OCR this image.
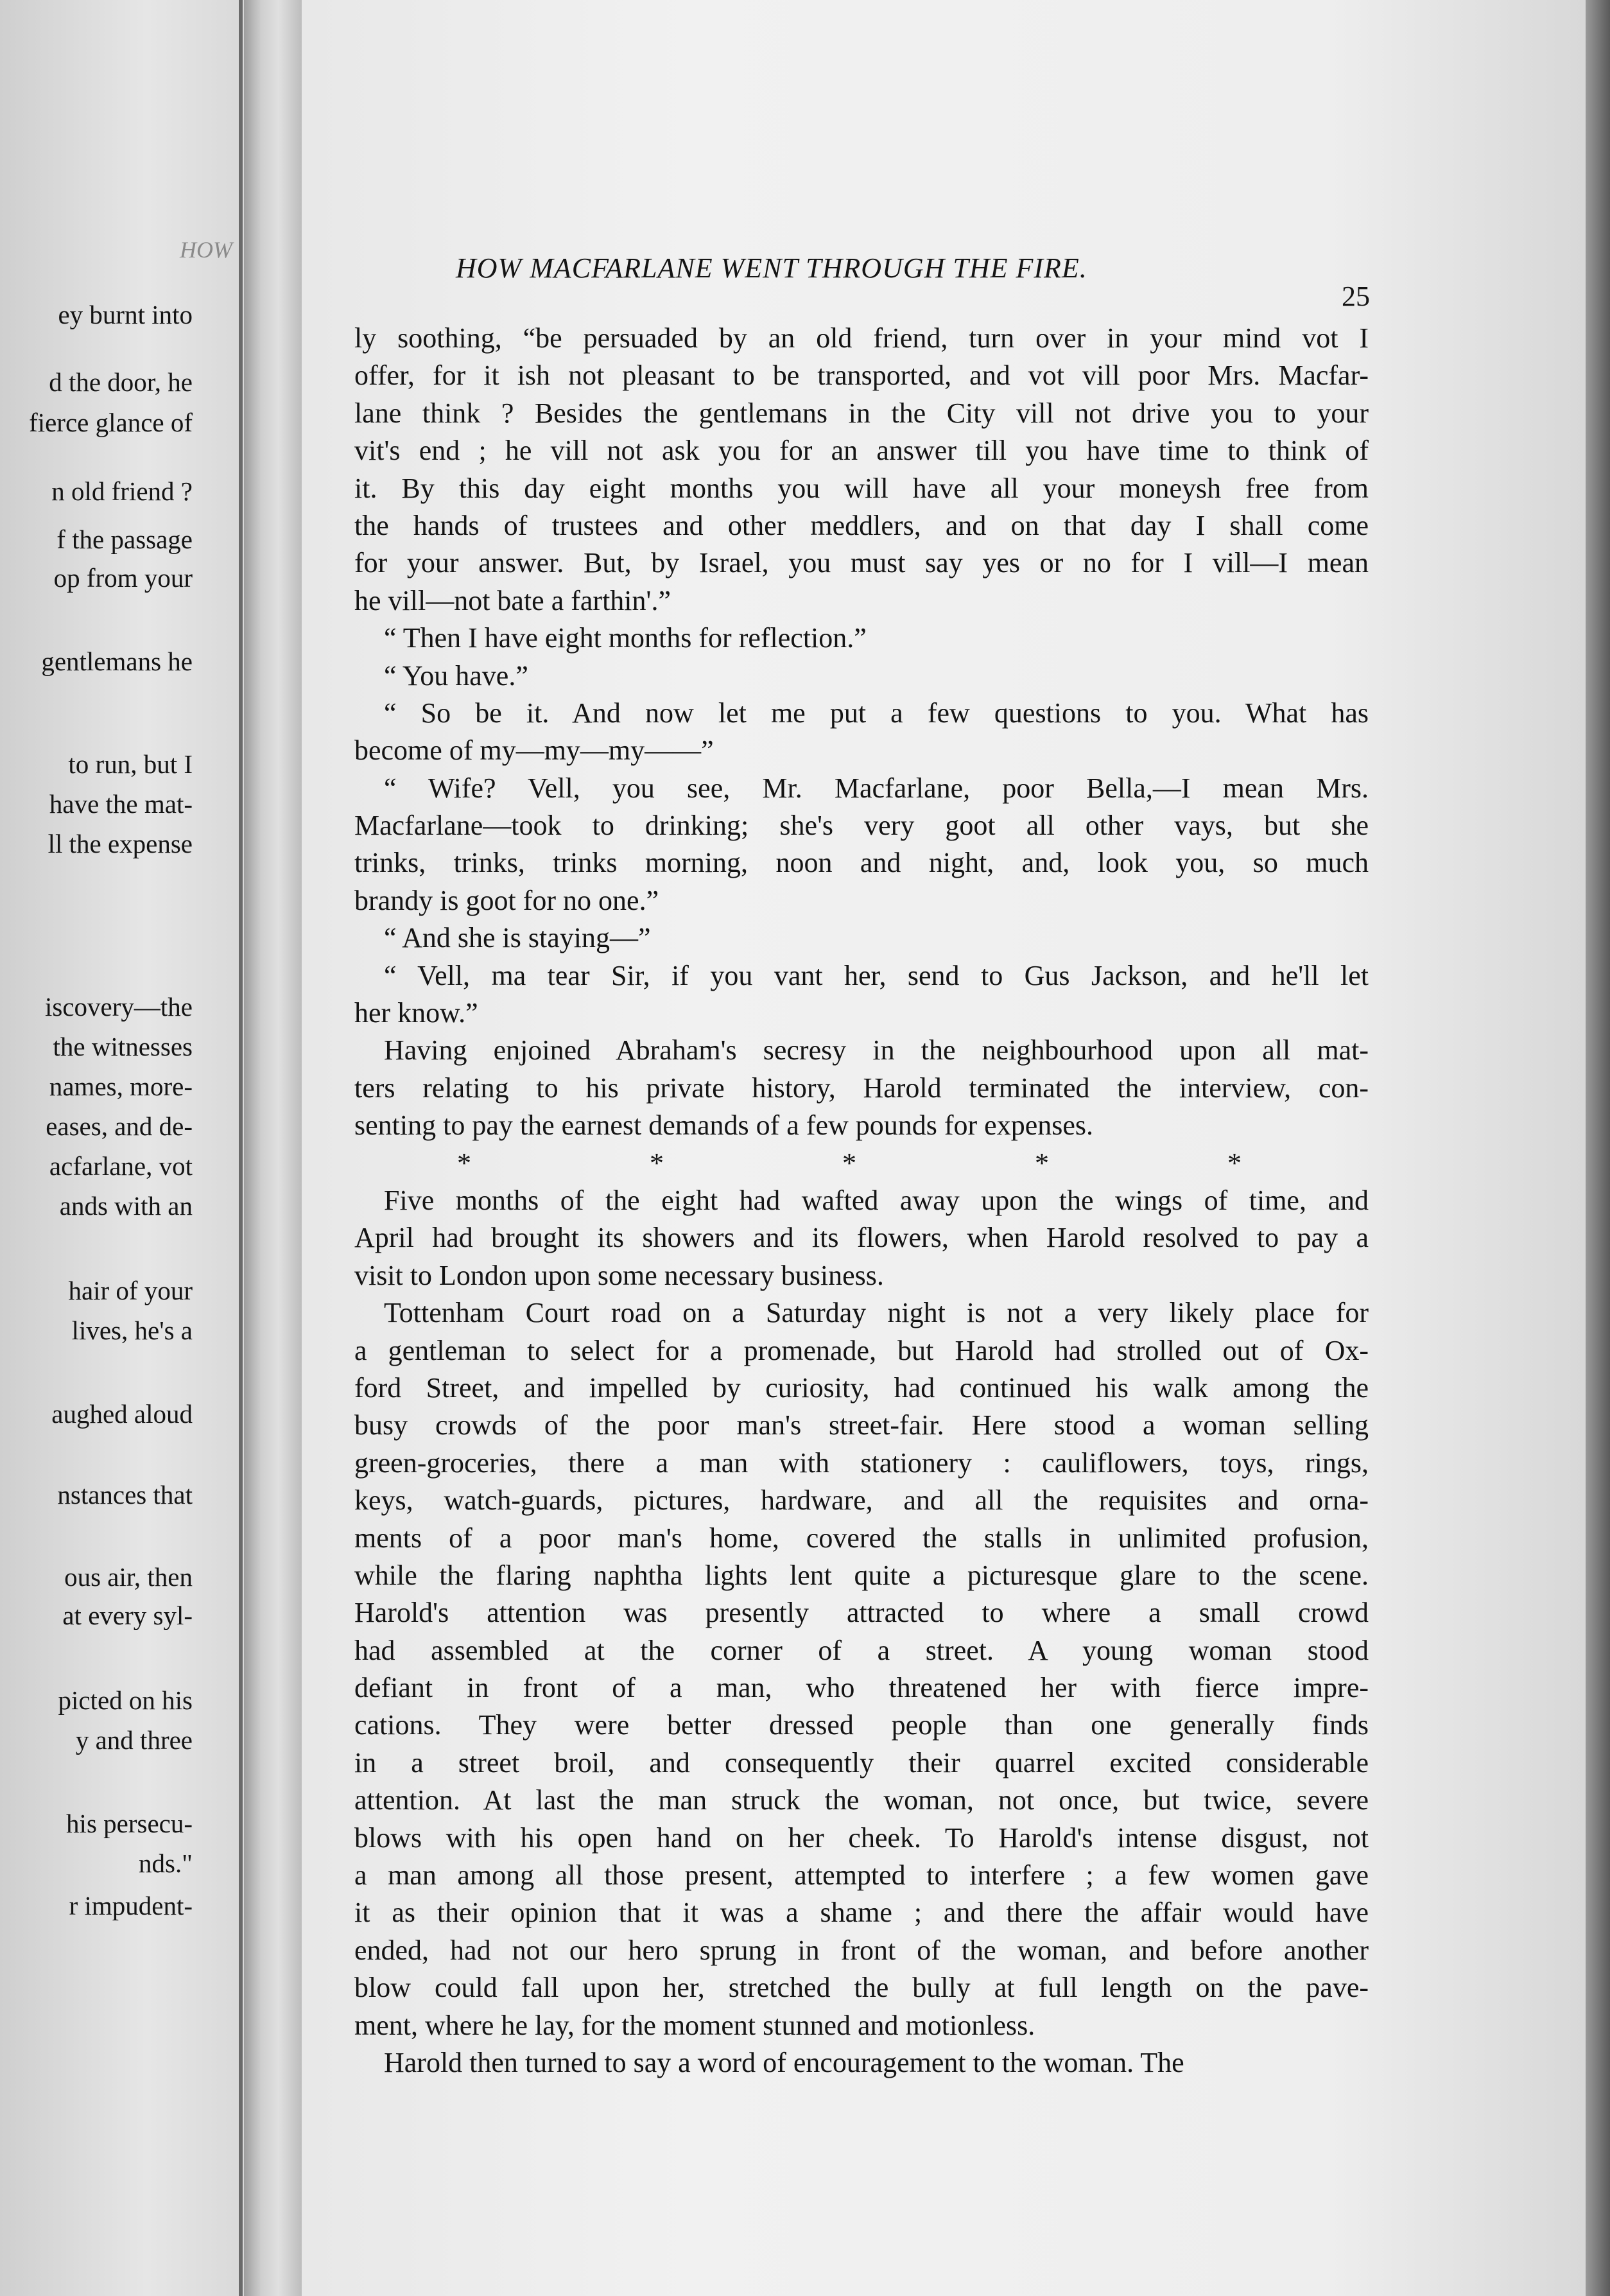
HOW
ey burnt into
d the door, he
fierce glance of
n old friend ?
f the passage
op from your
gentlemans he
to run, but I
have the mat-
ll the expense
iscovery—the
the witnesses
names, more-
eases, and de-
acfarlane, vot
ands with an
hair of your
lives, he's a
aughed aloud
nstances that
ous air, then
at every syl-
picted on his
y and three
his persecu-
nds."
r impudent-
HOW MACFARLANE WENT THROUGH THE FIRE.
25
ly soothing, “be persuaded by an old friend, turn over in your mind vot I
offer, for it ish not pleasant to be transported, and vot vill poor Mrs. Macfar-
lane think ? Besides the gentlemans in the City vill not drive you to your
vit's end ; he vill not ask you for an answer till you have time to think of
it. By this day eight months you will have all your moneysh free from
the hands of trustees and other meddlers, and on that day I shall come
for your answer. But, by Israel, you must say yes or no for I vill—I mean
he vill—not bate a farthin'.”
“ Then I have eight months for reflection.”
“ You have.”
“ So be it. And now let me put a few questions to you. What has
become of my—my—my——”
“ Wife? Vell, you see, Mr. Macfarlane, poor Bella,—I mean Mrs.
Macfarlane—took to drinking; she's very goot all other vays, but she
trinks, trinks, trinks morning, noon and night, and, look you, so much
brandy is goot for no one.”
“ And she is staying—”
“ Vell, ma tear Sir, if you vant her, send to Gus Jackson, and he'll let
her know.”
Having enjoined Abraham's secresy in the neighbourhood upon all mat-
ters relating to his private history, Harold terminated the interview, con-
senting to pay the earnest demands of a few pounds for expenses.
*	*	*	*	*
Five months of the eight had wafted away upon the wings of time, and
April had brought its showers and its flowers, when Harold resolved to pay a
visit to London upon some necessary business.
Tottenham Court road on a Saturday night is not a very likely place for
a gentleman to select for a promenade, but Harold had strolled out of Ox-
ford Street, and impelled by curiosity, had continued his walk among the
busy crowds of the poor man's street-fair. Here stood a woman selling
green-groceries, there a man with stationery : cauliflowers, toys, rings,
keys, watch-guards, pictures, hardware, and all the requisites and orna-
ments of a poor man's home, covered the stalls in unlimited profusion,
while the flaring naphtha lights lent quite a picturesque glare to the scene.
Harold's attention was presently attracted to where a small crowd
had assembled at the corner of a street. A young woman stood
defiant in front of a man, who threatened her with fierce impre-
cations. They were better dressed people than one generally finds
in a street broil, and consequently their quarrel excited considerable
attention. At last the man struck the woman, not once, but twice, severe
blows with his open hand on her cheek. To Harold's intense disgust, not
a man among all those present, attempted to interfere ; a few women gave
it as their opinion that it was a shame ; and there the affair would have
ended, had not our hero sprung in front of the woman, and before another
blow could fall upon her, stretched the bully at full length on the pave-
ment, where he lay, for the moment stunned and motionless.
Harold then turned to say a word of encouragement to the woman. The
